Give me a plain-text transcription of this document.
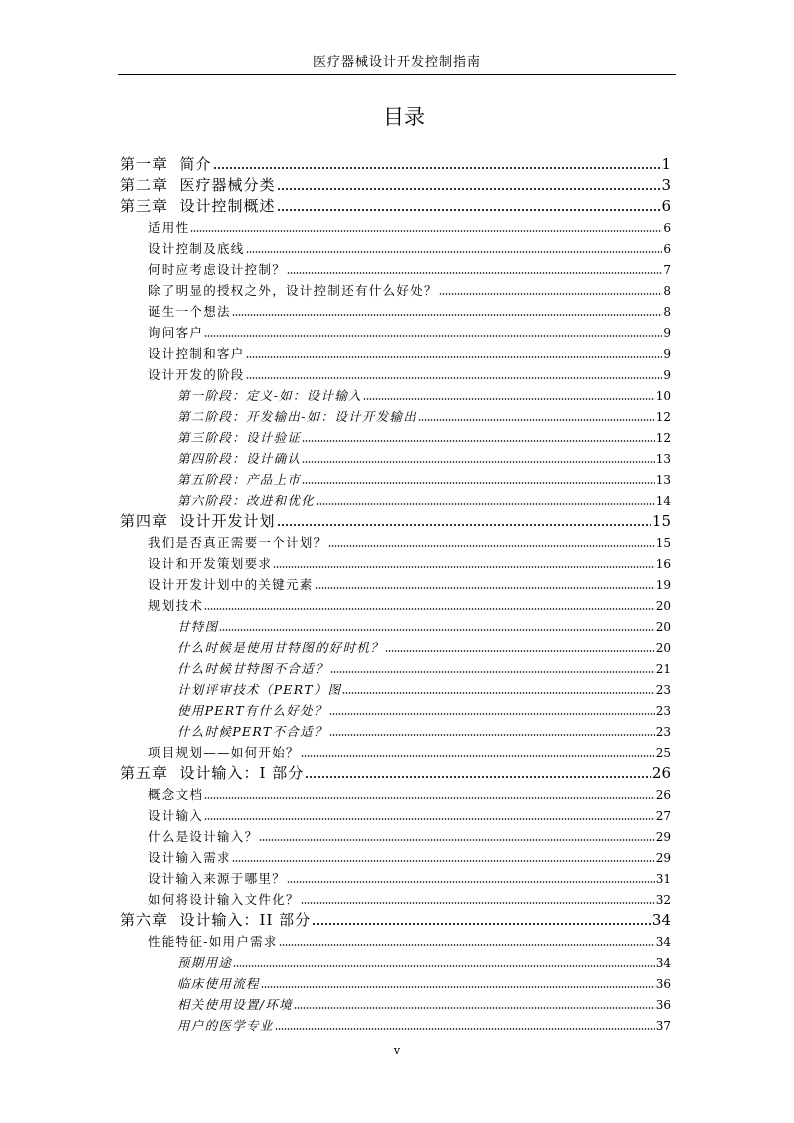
医疗器械设计开发控制指南
目录
第一章  简介	1
第二章  医疗器械分类	3
第三章  设计控制概述	6
适用性	6
设计控制及底线	6
何时应考虑设计控制？	7
除了明显的授权之外，设计控制还有什么好处？	8
诞生一个想法	8
询问客户	9
设计控制和客户	9
设计开发的阶段	9
第一阶段：定义-如：设计输入	10
第二阶段：开发输出-如：设计开发输出	12
第三阶段：设计验证	12
第四阶段：设计确认	13
第五阶段：产品上市	13
第六阶段：改进和优化	14
第四章  设计开发计划	15
我们是否真正需要一个计划？	15
设计和开发策划要求	16
设计开发计划中的关键元素	19
规划技术	20
甘特图	20
什么时候是使用甘特图的好时机？	20
什么时候甘特图不合适？	21
计划评审技术（PERT）图	23
使用PERT有什么好处？	23
什么时候PERT不合适？	23
项目规划——如何开始？	25
第五章  设计输入：I 部分	26
概念文档	26
设计输入	27
什么是设计输入？	29
设计输入需求	29
设计输入来源于哪里？	31
如何将设计输入文件化？	32
第六章  设计输入：II 部分	34
性能特征-如用户需求	34
预期用途	34
临床使用流程	36
相关使用设置/环境	36
用户的医学专业	37
v
